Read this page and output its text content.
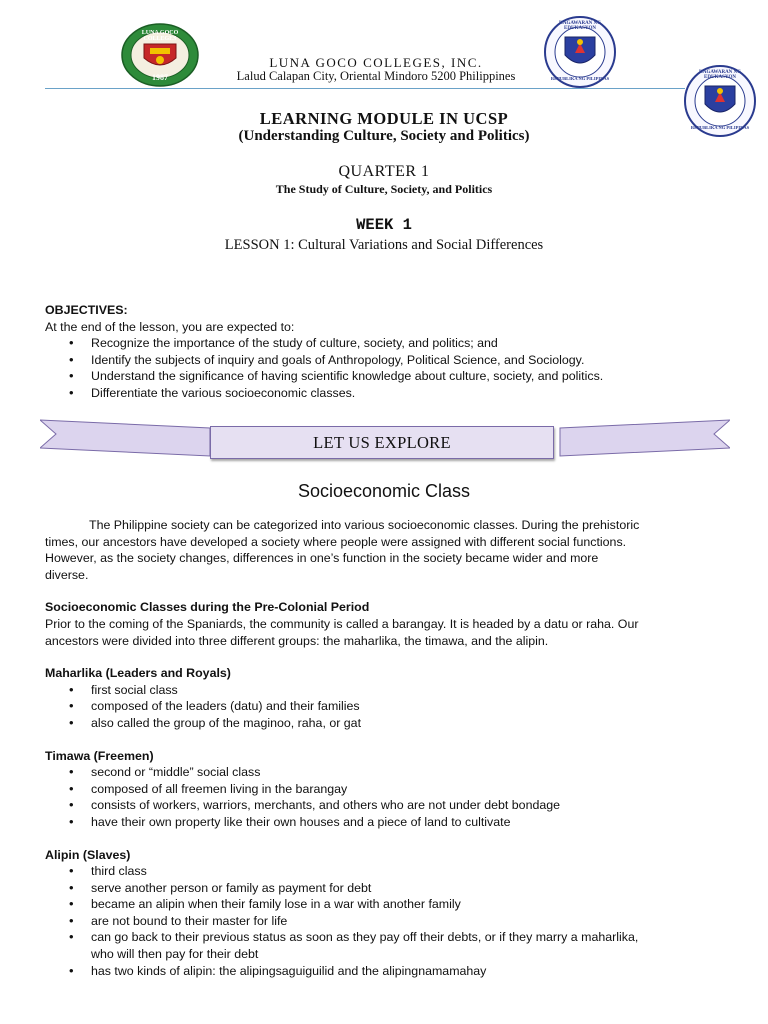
LUNA GOCO COLLEGES
1987
KAGAWARAN NG EDUKASYON
REPUBLIKA NG PILIPINAS
KAGAWARAN NG EDUKASYON
REPUBLIKA NG PILIPINAS
LUNA GOCO COLLEGES, INC.
Lalud Calapan City, Oriental Mindoro 5200 Philippines
LEARNING MODULE IN UCSP
(Understanding Culture, Society and Politics)
QUARTER 1
The Study of Culture, Society, and Politics
WEEK 1
LESSON 1: Cultural Variations and Social Differences
OBJECTIVES:
At the end of the lesson, you are expected to:
• Recognize the importance of the study of culture, society, and politics; and
• Identify the subjects of inquiry and goals of Anthropology, Political Science, and Sociology.
• Understand the significance of having scientific knowledge about culture, society, and politics.
• Differentiate the various socioeconomic classes.
LET US EXPLORE
Socioeconomic Class
The Philippine society can be categorized into various socioeconomic classes. During the prehistoric
times, our ancestors have developed a society where people were assigned with different social functions.
However, as the society changes, differences in one’s function in the society became wider and more
diverse.
Socioeconomic Classes during the Pre-Colonial Period
Prior to the coming of the Spaniards, the community is called a barangay. It is headed by a datu or raha. Our
ancestors were divided into three different groups: the maharlika, the timawa, and the alipin.
Maharlika (Leaders and Royals)
• first social class
• composed of the leaders (datu) and their families
• also called the group of the maginoo, raha, or gat
Timawa (Freemen)
• second or “middle” social class
• composed of all freemen living in the barangay
• consists of workers, warriors, merchants, and others who are not under debt bondage
• have their own property like their own houses and a piece of land to cultivate
Alipin (Slaves)
• third class
• serve another person or family as payment for debt
• became an alipin when their family lose in a war with another family
• are not bound to their master for life
• can go back to their previous status as soon as they pay off their debts, or if they marry a maharlika,
who will then pay for their debt
• has two kinds of alipin: the alipingsaguiguilid and the alipingnamamahay
